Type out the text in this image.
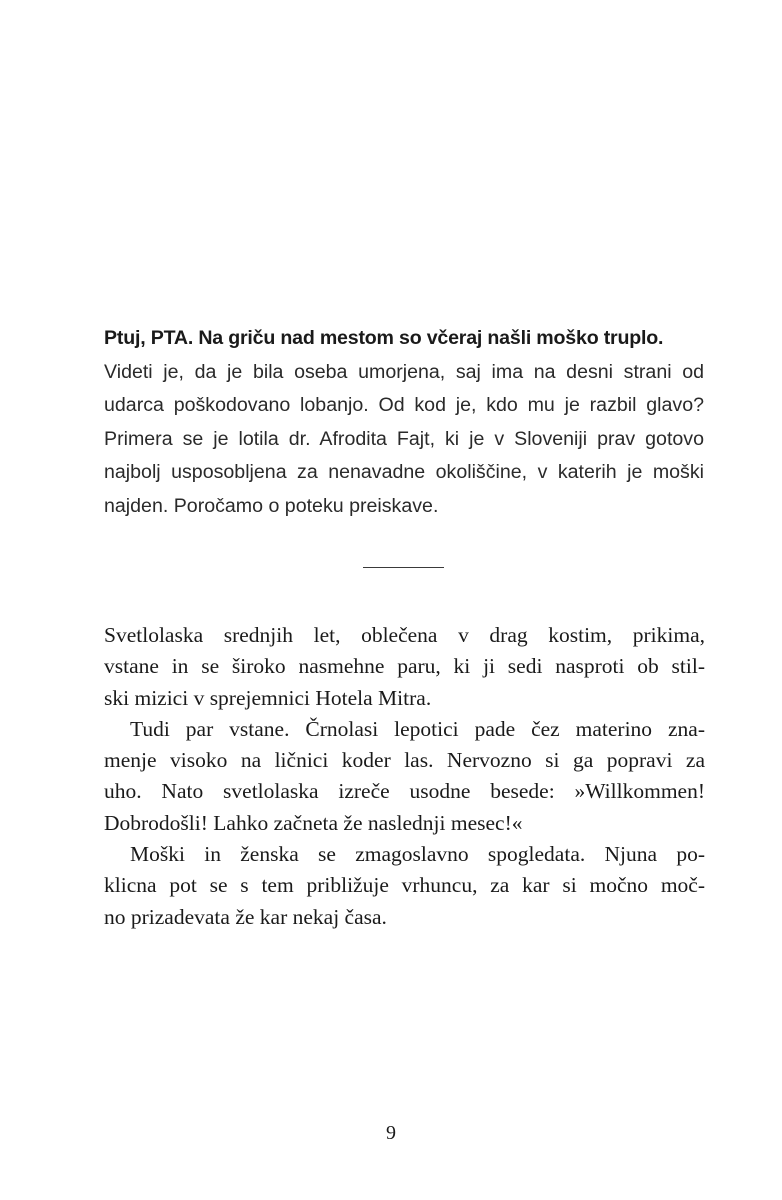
Ptuj, PTA. Na griču nad mestom so včeraj našli moško truplo.
Videti je, da je bila oseba umorjena, saj ima na desni strani od
udarca poškodovano lobanjo. Od kod je, kdo mu je razbil glavo?
Primera se je lotila dr. Afrodita Fajt, ki je v Sloveniji prav gotovo
najbolj usposobljena za nenavadne okoliščine, v katerih je moški
najden. Poročamo o poteku preiskave.
Svetlolaska srednjih let, oblečena v drag kostim, prikima,
vstane in se široko nasmehne paru, ki ji sedi nasproti ob stil-
ski mizici v sprejemnici Hotela Mitra.
Tudi par vstane. Črnolasi lepotici pade čez materino zna-
menje visoko na ličnici koder las. Nervozno si ga popravi za
uho. Nato svetlolaska izreče usodne besede: »Willkommen!
Dobrodošli! Lahko začneta že naslednji mesec!«
Moški in ženska se zmagoslavno spogledata. Njuna po-
klicna pot se s tem približuje vrhuncu, za kar si močno moč-
no prizadevata že kar nekaj časa.
9
